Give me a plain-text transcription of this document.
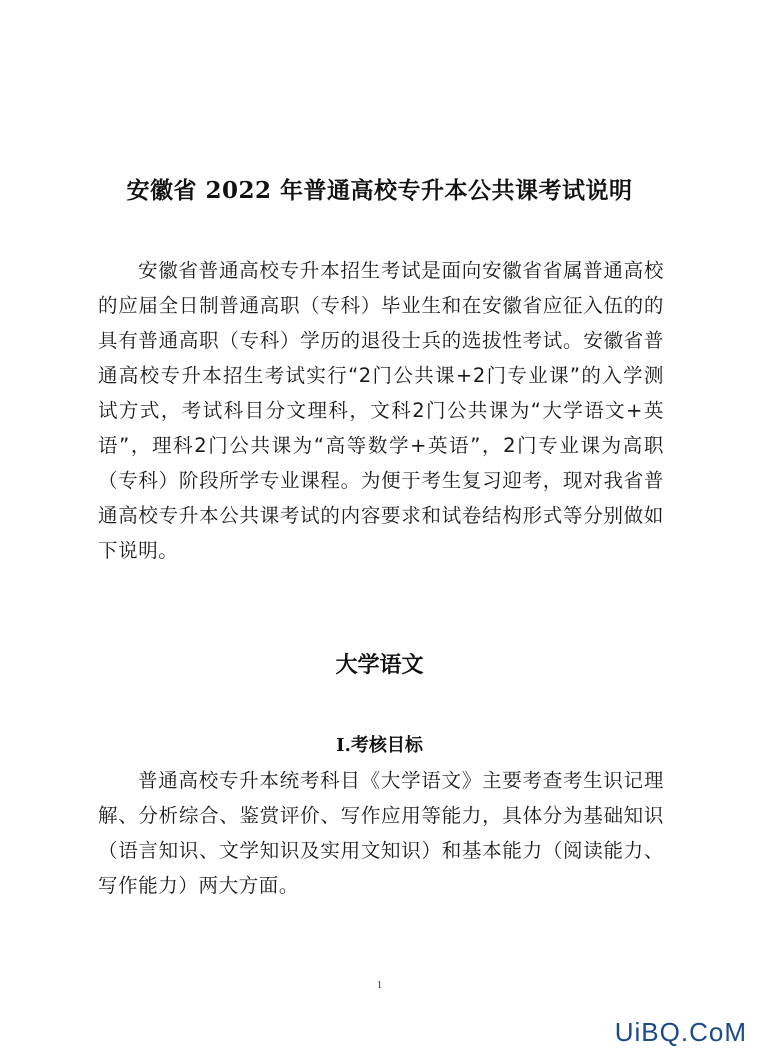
安徽省 2022 年普通高校专升本公共课考试说明
安徽省普通高校专升本招生考试是面向安徽省省属普通高校的应届全日制普通高职（专科）毕业生和在安徽省应征入伍的的具有普通高职（专科）学历的退役士兵的选拔性考试。安徽省普通高校专升本招生考试实行“2门公共课+2门专业课”的入学测试方式，考试科目分文理科，文科2门公共课为“大学语文+英语”，理科2门公共课为“高等数学+英语”，2门专业课为高职（专科）阶段所学专业课程。为便于考生复习迎考，现对我省普通高校专升本公共课考试的内容要求和试卷结构形式等分别做如下说明。
大学语文
I.考核目标
普通高校专升本统考科目《大学语文》主要考查考生识记理解、分析综合、鉴赏评价、写作应用等能力，具体分为基础知识（语言知识、文学知识及实用文知识）和基本能力（阅读能力、写作能力）两大方面。
1
UiBQ.CoM
